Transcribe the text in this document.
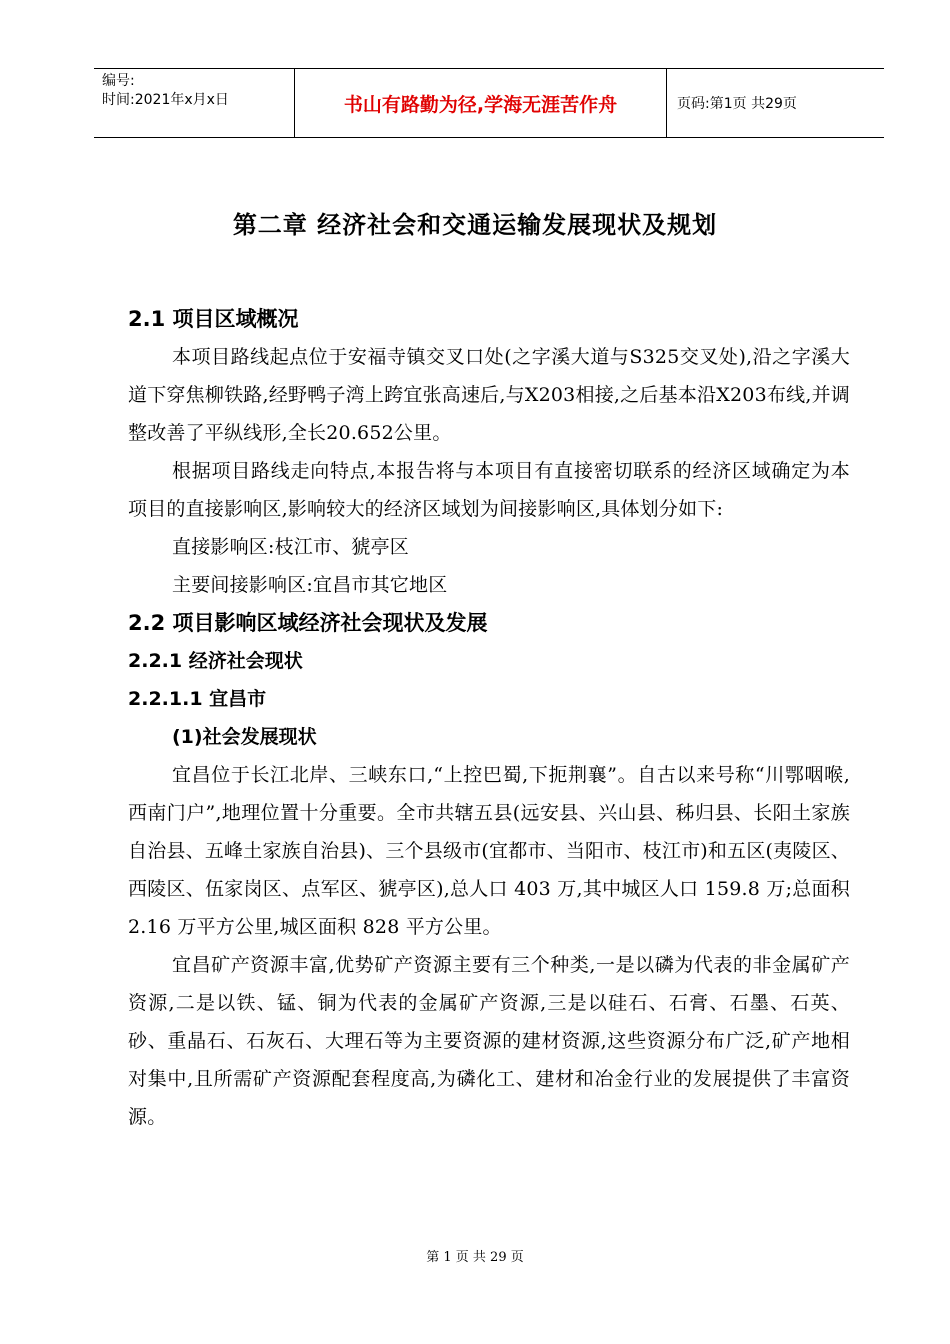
编号:
时间:2021年x月x日	书山有路勤为径,学海无涯苦作舟	页码:第1页 共29页
第二章 经济社会和交通运输发展现状及规划

2.1 项目区域概况

本项目路线起点位于安福寺镇交叉口处(之字溪大道与S325交叉处),沿之字溪大道下穿焦柳铁路,经野鸭子湾上跨宜张高速后,与X203相接,之后基本沿X203布线,并调整改善了平纵线形,全长20.652公里。

根据项目路线走向特点,本报告将与本项目有直接密切联系的经济区域确定为本项目的直接影响区,影响较大的经济区域划为间接影响区,具体划分如下:

直接影响区:枝江市、猇亭区

主要间接影响区:宜昌市其它地区

2.2 项目影响区域经济社会现状及发展

2.2.1 经济社会现状

2.2.1.1 宜昌市

(1)社会发展现状

宜昌位于长江北岸、三峡东口,“上控巴蜀,下扼荆襄”。自古以来号称“川鄂咽喉,西南门户”,地理位置十分重要。全市共辖五县(远安县、兴山县、秭归县、长阳土家族自治县、五峰土家族自治县)、三个县级市(宜都市、当阳市、枝江市)和五区(夷陵区、西陵区、伍家岗区、点军区、猇亭区),总人口 403 万,其中城区人口 159.8 万;总面积2.16 万平方公里,城区面积 828 平方公里。

宜昌矿产资源丰富,优势矿产资源主要有三个种类,一是以磷为代表的非金属矿产资源,二是以铁、锰、铜为代表的金属矿产资源,三是以硅石、石膏、石墨、石英、砂、重晶石、石灰石、大理石等为主要资源的建材资源,这些资源分布广泛,矿产地相对集中,且所需矿产资源配套程度高,为磷化工、建材和冶金行业的发展提供了丰富资源。

第 1 页 共 29 页
